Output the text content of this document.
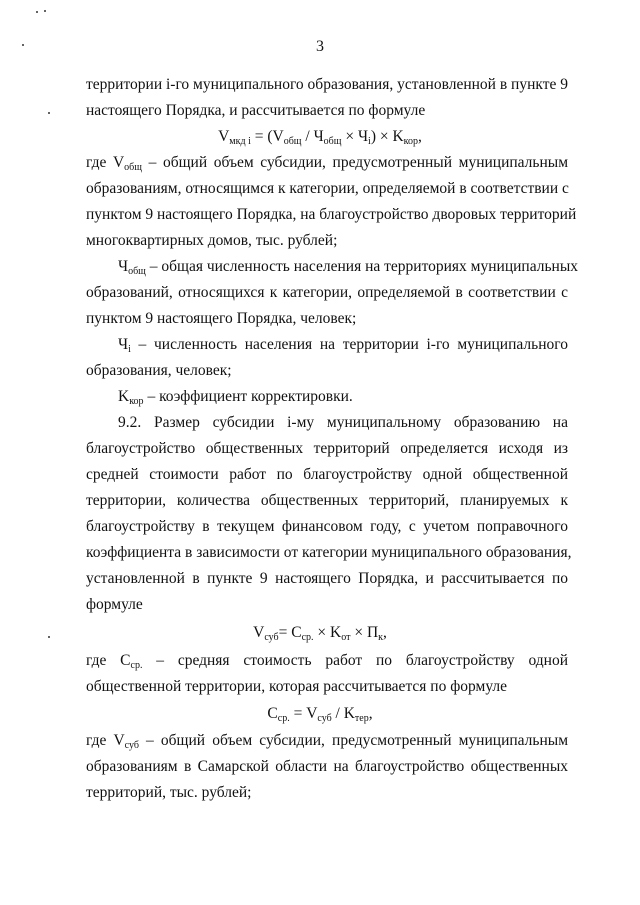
3
территории i-го муниципального образования, установленной в пункте 9
настоящего Порядка, и рассчитывается по формуле
$V_{мкд i} = (V_{общ} / Ч_{общ} \times Ч_i) \times K_{кор}$,
где $V_{общ}$ – общий объем субсидии, предусмотренный муниципальным
образованиям, относящимся к категории, определяемой в соответствии с
пунктом 9 настоящего Порядка, на благоустройство дворовых территорий
многоквартирных домов, тыс. рублей;
$Ч_{общ}$ – общая численность населения на территориях муниципальных
образований, относящихся к категории, определяемой в соответствии с
пунктом 9 настоящего Порядка, человек;
$Ч_i$ – численность населения на территории i-го муниципального
образования, человек;
$K_{кор}$ – коэффициент корректировки.
9.2. Размер субсидии i-му муниципальному образованию на
благоустройство общественных территорий определяется исходя из
средней стоимости работ по благоустройству одной общественной
территории, количества общественных территорий, планируемых к
благоустройству в текущем финансовом году, с учетом поправочного
коэффициента в зависимости от категории муниципального образования,
установленной в пункте 9 настоящего Порядка, и рассчитывается по
формуле
$V_{суб}= C_{ср.} \times K_{от} \times П_к$,
где $C_{ср.}$ – средняя стоимость работ по благоустройству одной
общественной территории, которая рассчитывается по формуле
$C_{ср.} = V_{суб} / K_{тер}$,
где $V_{суб}$ – общий объем субсидии, предусмотренный муниципальным
образованиям в Самарской области на благоустройство общественных
территорий, тыс. рублей;
